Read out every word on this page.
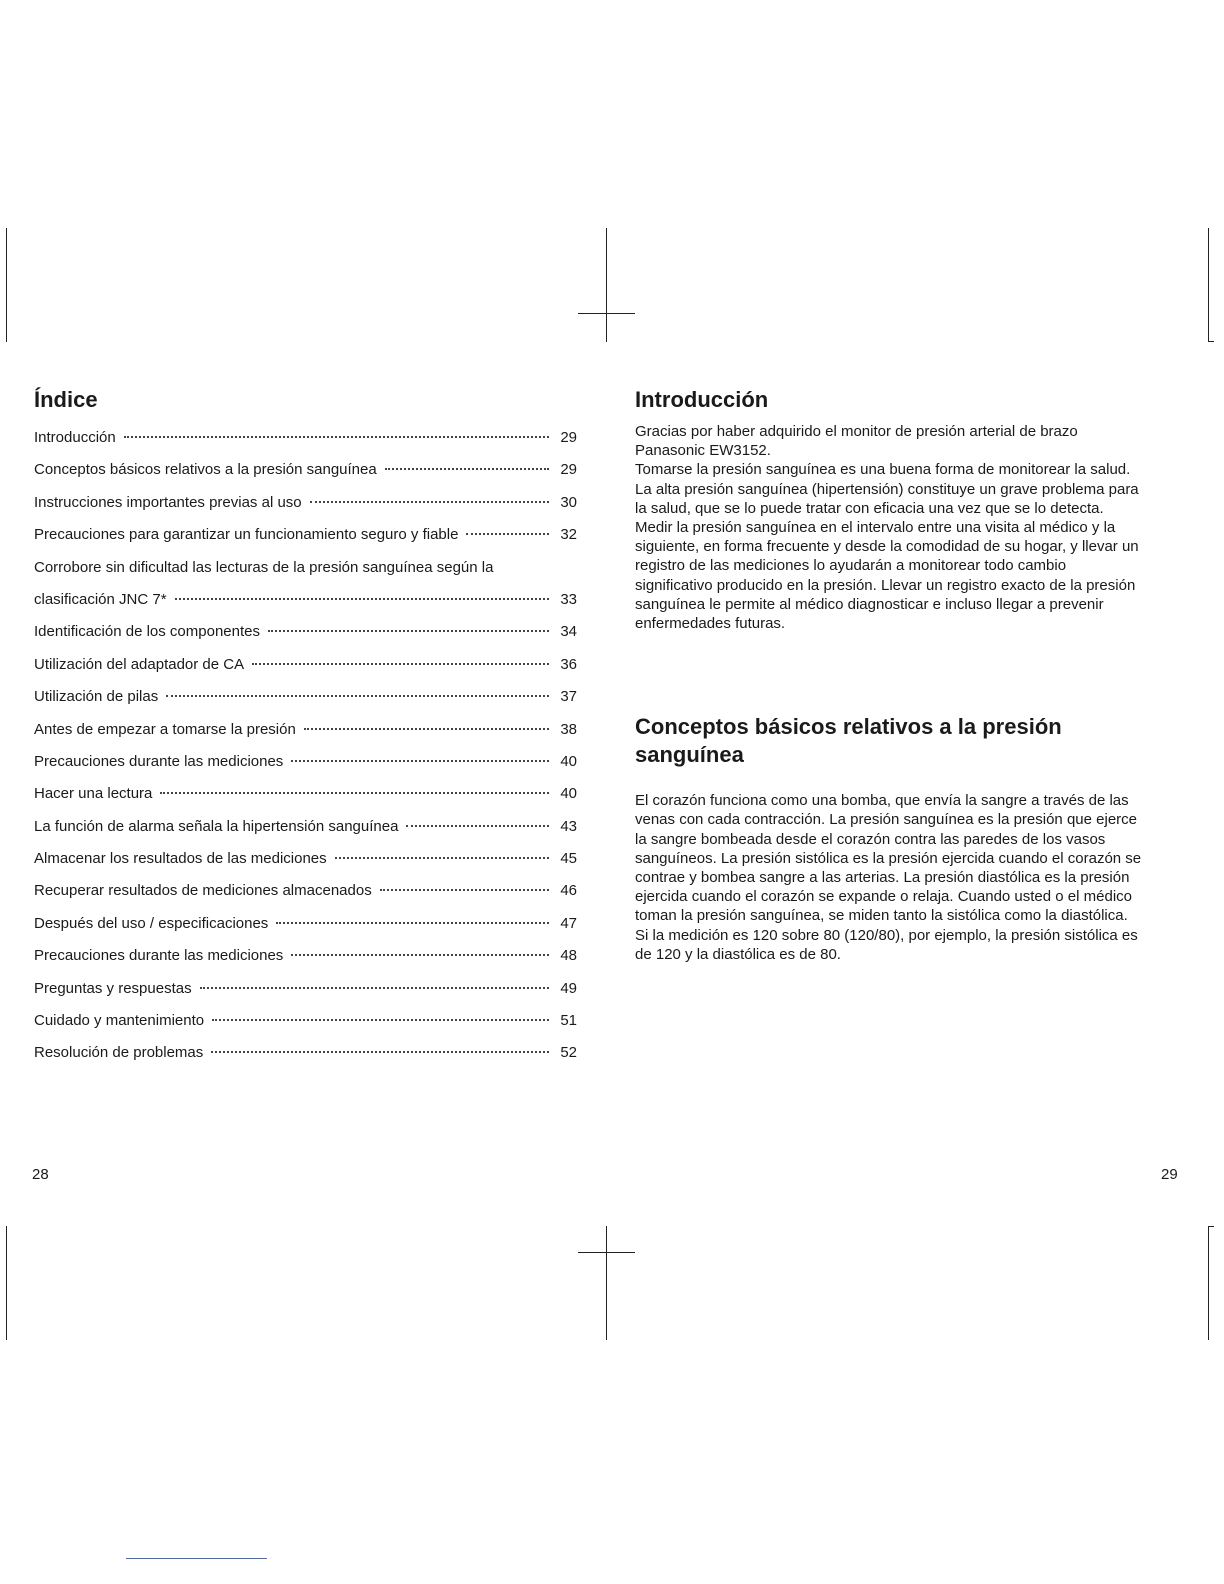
Índice
Introducción	29
Conceptos básicos relativos a la presión sanguínea	29
Instrucciones importantes previas al uso	30
Precauciones para garantizar un funcionamiento seguro y fiable	32
Corrobore sin dificultad las lecturas de la presión sanguínea según la
clasificación JNC 7*	33
Identificación de los componentes	34
Utilización del adaptador de CA	36
Utilización de pilas	37
Antes de empezar a tomarse la presión	38
Precauciones durante las mediciones	40
Hacer una lectura	40
La función de alarma señala la hipertensión sanguínea	43
Almacenar los resultados de las mediciones	45
Recuperar resultados de mediciones almacenados	46
Después del uso / especificaciones	47
Precauciones durante las mediciones	48
Preguntas y respuestas	49
Cuidado y mantenimiento	51
Resolución de problemas	52
Introducción

Gracias por haber adquirido el monitor de presión arterial de brazo
Panasonic EW3152.
Tomarse la presión sanguínea es una buena forma de monitorear la salud.
La alta presión sanguínea (hipertensión) constituye un grave problema para
la salud, que se lo puede tratar con eficacia una vez que se lo detecta.
Medir la presión sanguínea en el intervalo entre una visita al médico y la
siguiente, en forma frecuente y desde la comodidad de su hogar, y llevar un
registro de las mediciones lo ayudarán a monitorear todo cambio
significativo producido en la presión. Llevar un registro exacto de la presión
sanguínea le permite al médico diagnosticar e incluso llegar a prevenir
enfermedades futuras.

Conceptos básicos relativos a la presión
sanguínea

El corazón funciona como una bomba, que envía la sangre a través de las
venas con cada contracción. La presión sanguínea es la presión que ejerce
la sangre bombeada desde el corazón contra las paredes de los vasos
sanguíneos. La presión sistólica es la presión ejercida cuando el corazón se
contrae y bombea sangre a las arterias. La presión diastólica es la presión
ejercida cuando el corazón se expande o relaja. Cuando usted o el médico
toman la presión sanguínea, se miden tanto la sistólica como la diastólica.
Si la medición es 120 sobre 80 (120/80), por ejemplo, la presión sistólica es
de 120 y la diastólica es de 80.

28	29
